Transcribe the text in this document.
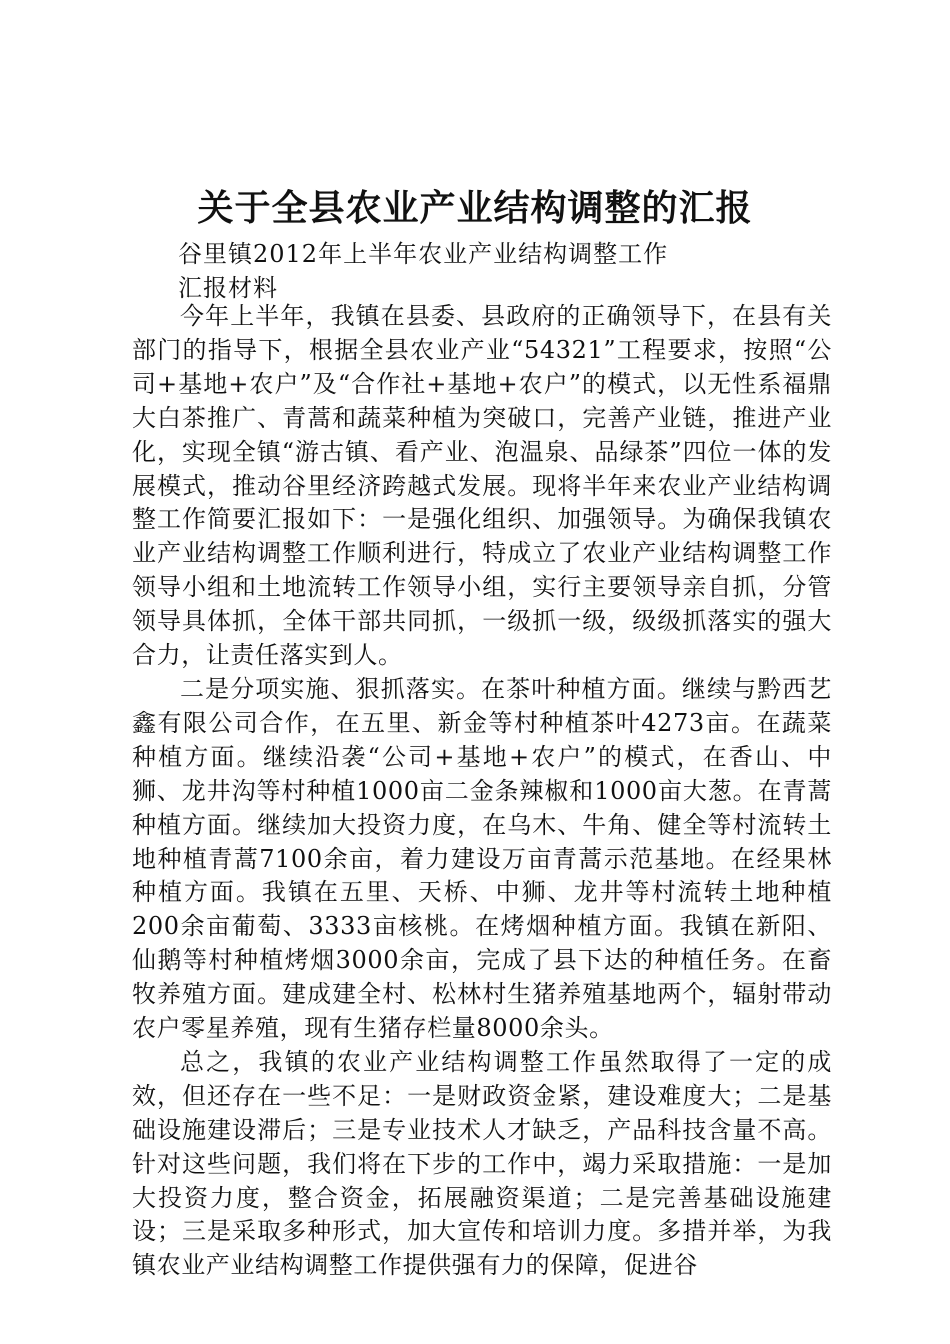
关于全县农业产业结构调整的汇报
谷里镇2012年上半年农业产业结构调整工作
汇报材料

今年上半年，我镇在县委、县政府的正确领导下，在县有关部门的指导下，根据全县农业产业“54321”工程要求，按照“公司+基地+农户”及“合作社+基地+农户”的模式，以无性系福鼎大白茶推广、青蒿和蔬菜种植为突破口，完善产业链，推进产业化，实现全镇“游古镇、看产业、泡温泉、品绿茶”四位一体的发展模式，推动谷里经济跨越式发展。现将半年来农业产业结构调整工作简要汇报如下：一是强化组织、加强领导。为确保我镇农业产业结构调整工作顺利进行，特成立了农业产业结构调整工作领导小组和土地流转工作领导小组，实行主要领导亲自抓，分管领导具体抓，全体干部共同抓，一级抓一级，级级抓落实的强大合力，让责任落实到人。

二是分项实施、狠抓落实。在茶叶种植方面。继续与黔西艺鑫有限公司合作，在五里、新金等村种植茶叶4273亩。在蔬菜种植方面。继续沿袭“公司+基地+农户”的模式，在香山、中狮、龙井沟等村种植1000亩二金条辣椒和1000亩大葱。在青蒿种植方面。继续加大投资力度，在乌木、牛角、健全等村流转土地种植青蒿7100余亩，着力建设万亩青蒿示范基地。在经果林种植方面。我镇在五里、天桥、中狮、龙井等村流转土地种植200余亩葡萄、3333亩核桃。在烤烟种植方面。我镇在新阳、仙鹅等村种植烤烟3000余亩，完成了县下达的种植任务。在畜牧养殖方面。建成建全村、松林村生猪养殖基地两个，辐射带动农户零星养殖，现有生猪存栏量8000余头。

总之，我镇的农业产业结构调整工作虽然取得了一定的成效，但还存在一些不足：一是财政资金紧，建设难度大；二是基础设施建设滞后；三是专业技术人才缺乏，产品科技含量不高。针对这些问题，我们将在下步的工作中，竭力采取措施：一是加大投资力度，整合资金，拓展融资渠道；二是完善基础设施建设；三是采取多种形式，加大宣传和培训力度。多措并举，为我镇农业产业结构调整工作提供强有力的保障，促进谷
